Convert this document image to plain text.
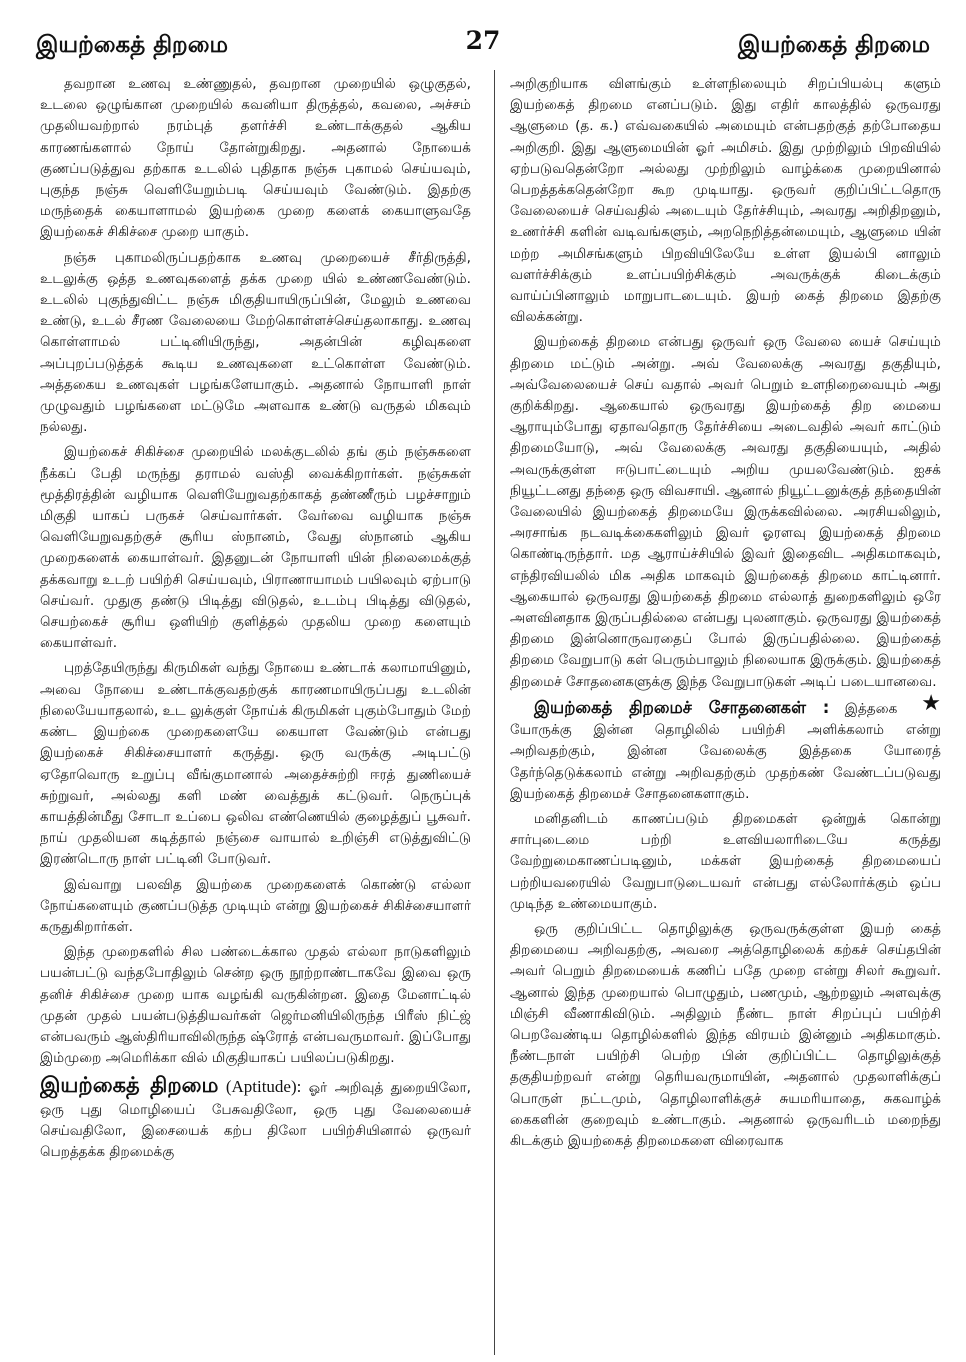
இயற்கைத் திறமை	27	இயற்கைத் திறமை

தவறான உணவு உண்ணுதல், தவறான முறையில் ஒழுகுதல், உடலை ஒழுங்கான முறையில் கவனியா திருத்தல், கவலை, அச்சம் முதலியவற்றால் நரம்புத் தளர்ச்சி உண்டாக்குதல் ஆகிய காரணங்களால் நோய் தோன்றுகிறது. அதனால் நோயைக் குணப்படுத்துவ தற்காக உடலில் புதிதாக நஞ்சு புகாமல் செய்யவும், புகுந்த நஞ்சு வெளியேறும்படி செய்யவும் வேண்டும். இதற்கு மருந்தைக் கையாளாமல் இயற்கை முறை களைக் கையாளுவதே இயற்கைச் சிகிச்சை முறை யாகும்.

நஞ்சு புகாமலிருப்பதற்காக உணவு முறையைச் சீர்திருத்தி, உடலுக்கு ஒத்த உணவுகளைத் தக்க முறை யில் உண்ணவேண்டும். உடலில் புகுந்துவிட்ட நஞ்சு மிகுதியாயிருப்பின், மேலும் உணவை உண்டு, உடல் சீரண வேலையை மேற்கொள்ளச்செய்தலாகாது. உணவு கொள்ளாமல் பட்டினியிருந்து, அதன்பின் கழிவுகளை அப்புறப்படுத்தக் கூடிய உணவுகளை உட்கொள்ள வேண்டும். அத்தகைய உணவுகள் பழங்களேயாகும். அதனால் நோயாளி நாள் முழுவதும் பழங்களை மட்டுமே அளவாக உண்டு வருதல் மிகவும் நல்லது.

இயற்கைச் சிகிச்சை முறையில் மலக்குடலில் தங் கும் நஞ்சுகளை நீக்கப் பேதி மருந்து தராமல் வஸ்தி வைக்கிறார்கள். நஞ்சுகள் மூத்திரத்தின் வழியாக வெளியேறுவதற்காகத் தண்ணீரும் பழச்சாறும் மிகுதி யாகப் பருகச் செய்வார்கள். வேர்வை வழியாக நஞ்சு வெளியேறுவதற்குச் சூரிய ஸ்நானம், வேது ஸ்நானம் ஆகிய முறைகளைக் கையாள்வர். இதனுடன் நோயாளி யின் நிலைமைக்குத் தக்கவாறு உடற் பயிற்சி செய்யவும், பிராணாயாமம் பயிலவும் ஏற்பாடு செய்வர். முதுகு தண்டு பிடித்து விடுதல், உடம்பு பிடித்து விடுதல், செயற்கைச் சூரிய ஒளியிற் குளித்தல் முதலிய முறை களையும் கையாள்வர்.

புறத்தேயிருந்து கிருமிகள் வந்து நோயை உண்டாக் கலாமாயினும், அவை நோயை உண்டாக்குவதற்குக் காரணமாயிருப்பது உடலின் நிலையேயாதலால், உட லுக்குள் நோய்க் கிருமிகள் புகும்போதும் மேற் கண்ட இயற்கை முறைகளையே கையாள வேண்டும் என்பது இயற்கைச் சிகிச்சையாளர் கருத்து. ஒரு வருக்கு அடிபட்டு ஏதோவொரு உறுப்பு வீங்குமானால் அதைச்சுற்றி ஈரத் துணியைச் சுற்றுவர், அல்லது களி மண் வைத்துக் கட்டுவர். நெருப்புக் காயத்தின்மீது சோடா உப்பை ஒலிவ எண்ணெயில் குழைத்துப் பூசுவர். நாய் முதலியன கடித்தால் நஞ்சை வாயால் உறிஞ்சி எடுத்துவிட்டு இரண்டொரு நாள் பட்டினி போடுவர்.

இவ்வாறு பலவித இயற்கை முறைகளைக் கொண்டு எல்லா நோய்களையும் குணப்படுத்த முடியும் என்று இயற்கைச் சிகிச்சையாளர் கருதுகிறார்கள்.

இந்த முறைகளில் சில பண்டைக்கால முதல் எல்லா நாடுகளிலும் பயன்பட்டு வந்தபோதிலும் சென்ற ஒரு நூற்றாண்டாகவே இவை ஒரு தனிச் சிகிச்சை முறை யாக வழங்கி வருகின்றன. இதை மேனாட்டில் முதன் முதல் பயன்படுத்தியவர்கள் ஜெர்மனியிலிருந்த பிரீஸ் நிட்ஜ் என்பவரும் ஆஸ்திரியாவிலிருந்த ஷ்ரோத் என்பவருமாவர். இப்போது இம்முறை அமெரிக்கா வில் மிகுதியாகப் பயிலப்படுகிறது.

இயற்கைத் திறமை (Aptitude): ஓர் அறிவுத் துறையிலோ, ஒரு புது மொழியைப் பேசுவதிலோ, ஒரு புது வேலையைச் செய்வதிலோ, இசையைக் கற்ப திலோ பயிற்சியினால் ஒருவர் பெறத்தக்க திறமைக்கு

அறிகுறியாக விளங்கும் உள்ளநிலையும் சிறப்பியல்பு களும் இயற்கைத் திறமை எனப்படும். இது எதிர் காலத்தில் ஒருவரது ஆளுமை (த. க.) எவ்வகையில் அமையும் என்பதற்குத் தற்போதைய அறிகுறி. இது ஆளுமையின் ஓர் அமிசம். இது முற்றிலும் பிறவியில் ஏற்படுவதென்றோ அல்லது முற்றிலும் வாழ்க்கை முறையினால் பெறத்தக்கதென்றோ கூற முடியாது. ஒருவர் குறிப்பிட்டதொரு வேலையைச் செய்வதில் அடையும் தேர்ச்சியும், அவரது அறிதிறனும், உணர்ச்சி களின் வடிவங்களும், அறநெறித்தன்மையும், ஆளுமை யின் மற்ற அமிசங்களும் பிறவியிலேயே உள்ள இயல்பி னாலும் வளர்ச்சிக்கும் உளப்பயிற்சிக்கும் அவருக்குக் கிடைக்கும் வாய்ப்பினாலும் மாறுபாடடையும். இயற் கைத் திறமை இதற்கு விலக்கன்று.

இயற்கைத் திறமை என்பது ஒருவர் ஒரு வேலை யைச் செய்யும் திறமை மட்டும் அன்று. அவ் வேலைக்கு அவரது தகுதியும், அவ்வேலையைச் செய் வதால் அவர் பெறும் உளநிறைவையும் அது குறிக்கிறது. ஆகையால் ஒருவரது இயற்கைத் திற மையை ஆராயும்போது ஏதாவதொரு தேர்ச்சியை அடைவதில் அவர் காட்டும் திறமையோடு, அவ் வேலைக்கு அவரது தகுதியையும், அதில் அவருக்குள்ள ஈடுபாட்டையும் அறிய முயலவேண்டும். ஐசக் நியூட்டனது தந்தை ஒரு விவசாயி. ஆனால் நியூட்டனுக்குத் தந்தையின் வேலையில் இயற்கைத் திறமையே இருக்கவில்லை. அரசியலிலும், அரசாங்க நடவடிக்கைகளிலும் இவர் ஓரளவு இயற்கைத் திறமை கொண்டிருந்தார். மத ஆராய்ச்சியில் இவர் இதைவிட அதிகமாகவும், எந்திரவியலில் மிக அதிக மாகவும் இயற்கைத் திறமை காட்டினார். ஆகையால் ஒருவரது இயற்கைத் திறமை எல்லாத் துறைகளிலும் ஒரே அளவினதாக இருப்பதில்லை என்பது புலனாகும். ஒருவரது இயற்கைத் திறமை இன்னொருவரதைப் போல் இருப்பதில்லை. இயற்கைத் திறமை வேறுபாடு கள் பெரும்பாலும் நிலையாக இருக்கும். இயற்கைத் திறமைச் சோதனைகளுக்கு இந்த வேறுபாடுகள் அடிப் படையானவை.
★

இயற்கைத் திறமைச் சோதனைகள் : இத்தகை யோருக்கு இன்ன தொழிலில் பயிற்சி அளிக்கலாம் என்று அறிவதற்கும், இன்ன வேலைக்கு இத்தகை யோரைத் தேர்ந்தெடுக்கலாம் என்று அறிவதற்கும் முதற்கண் வேண்டப்படுவது இயற்கைத் திறமைச் சோதனைகளாகும்.

மனிதனிடம் காணப்படும் திறமைகள் ஒன்றுக் கொன்று சார்புடைமை பற்றி உளவியலாரிடையே கருத்து வேற்றுமைகாணப்படினும், மக்கள் இயற்கைத் திறமையைப் பற்றியவரையில் வேறுபாடுடையவர் என்பது எல்லோர்க்கும் ஒப்ப முடிந்த உண்மையாகும்.

ஒரு குறிப்பிட்ட தொழிலுக்கு ஒருவருக்குள்ள இயற் கைத் திறமையை அறிவதற்கு, அவரை அத்தொழிலைக் கற்கச் செய்தபின் அவர் பெறும் திறமையைக் கணிப் பதே முறை என்று சிலர் கூறுவர். ஆனால் இந்த முறையால் பொழுதும், பணமும், ஆற்றலும் அளவுக்கு மிஞ்சி வீணாகிவிடும். அதிலும் நீண்ட நாள் சிறப்புப் பயிற்சி பெறவேண்டிய தொழில்களில் இந்த விரயம் இன்னும் அதிகமாகும். நீண்டநாள் பயிற்சி பெற்ற பின் குறிப்பிட்ட தொழிலுக்குத் தகுதியற்றவர் என்று தெரியவருமாயின், அதனால் முதலாளிக்குப் பொருள் நட்டமும், தொழிலாளிக்குச் சுயமரியாதை, சுகவாழ்க் கைகளின் குறைவும் உண்டாகும். அதனால் ஒருவரிடம் மறைந்து கிடக்கும் இயற்கைத் திறமைகளை விரைவாக
